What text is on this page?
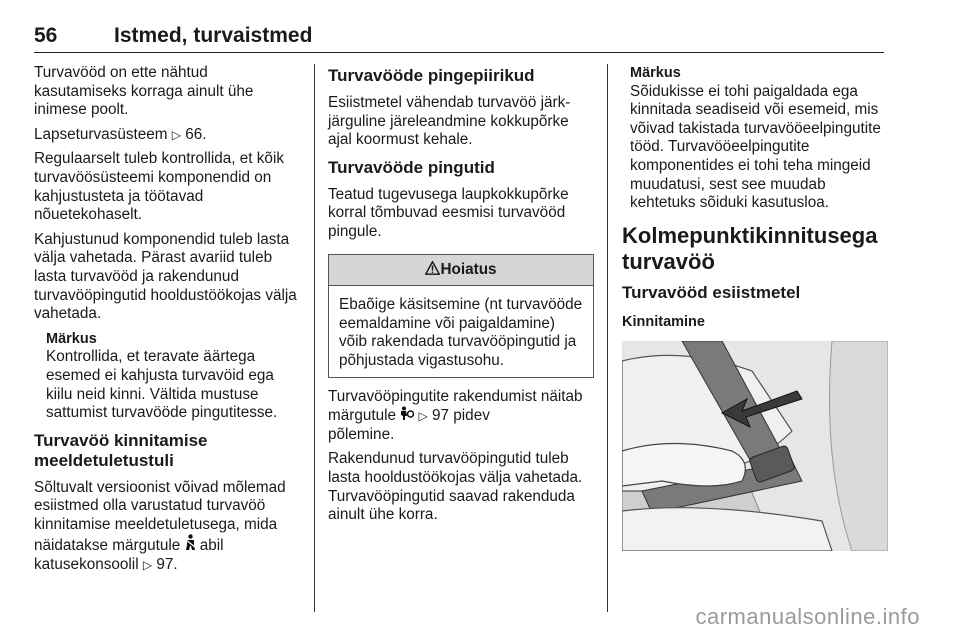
56	Istmed, turvaistmed

Turvavööd on ette nähtud kasutamiseks korraga ainult ühe inimese poolt.

Lapseturvasüsteem ▷ 66.

Regulaarselt tuleb kontrollida, et kõik turvavöösüsteemi komponendid on kahjustusteta ja töötavad nõuetekohaselt.

Kahjustunud komponendid tuleb lasta välja vahetada. Pärast avariid tuleb lasta turvavööd ja rakendunud turvavööpingutid hooldustöökojas välja vahetada.

Märkus
Kontrollida, et teravate äärtega esemed ei kahjusta turvavöid ega kiilu neid kinni. Vältida mustuse sattumist turvavööde pingutitesse.
Turvavöö kinnitamise meeldetuletustuli

Sõltuvalt versioonist võivad mõlemad esiistmed olla varustatud turvavöö kinnitamise meeldetuletusega, mida näidatakse märgutule  abil katusekonsoolil ▷ 97.

Turvavööde pingepiirikud

Esiistmetel vähendab turvavöö järk-järguline järeleandmine kokkupõrke ajal koormust kehale.

Turvavööde pingutid

Teatud tugevusega laupkokkupõrke korral tõmbuvad eesmisi turvavööd pingule.

Hoiatus
Ebaõige käsitsemine (nt turvavööde eemaldamine või paigaldamine) võib rakendada turvavööpingutid ja põhjustada vigastusohu.

Turvavööpingutite rakendumist näitab märgutule  ▷ 97 pidev
põlemine.

Rakendunud turvavööpingutid tuleb lasta hooldustöökojas välja vahetada. Turvavööpingutid saavad rakenduda ainult ühe korra.

Märkus
Sõidukisse ei tohi paigaldada ega kinnitada seadiseid või esemeid, mis võivad takistada turvavööeelpingutite tööd. Turvavööeelpingutite komponentides ei tohi teha mingeid muudatusi, sest see muudab kehtetuks sõiduki kasutusloa.
Kolmepunktikinnitusega turvavöö
Turvavööd esiistmetel
Kinnitamine
carmanualsonline.info
